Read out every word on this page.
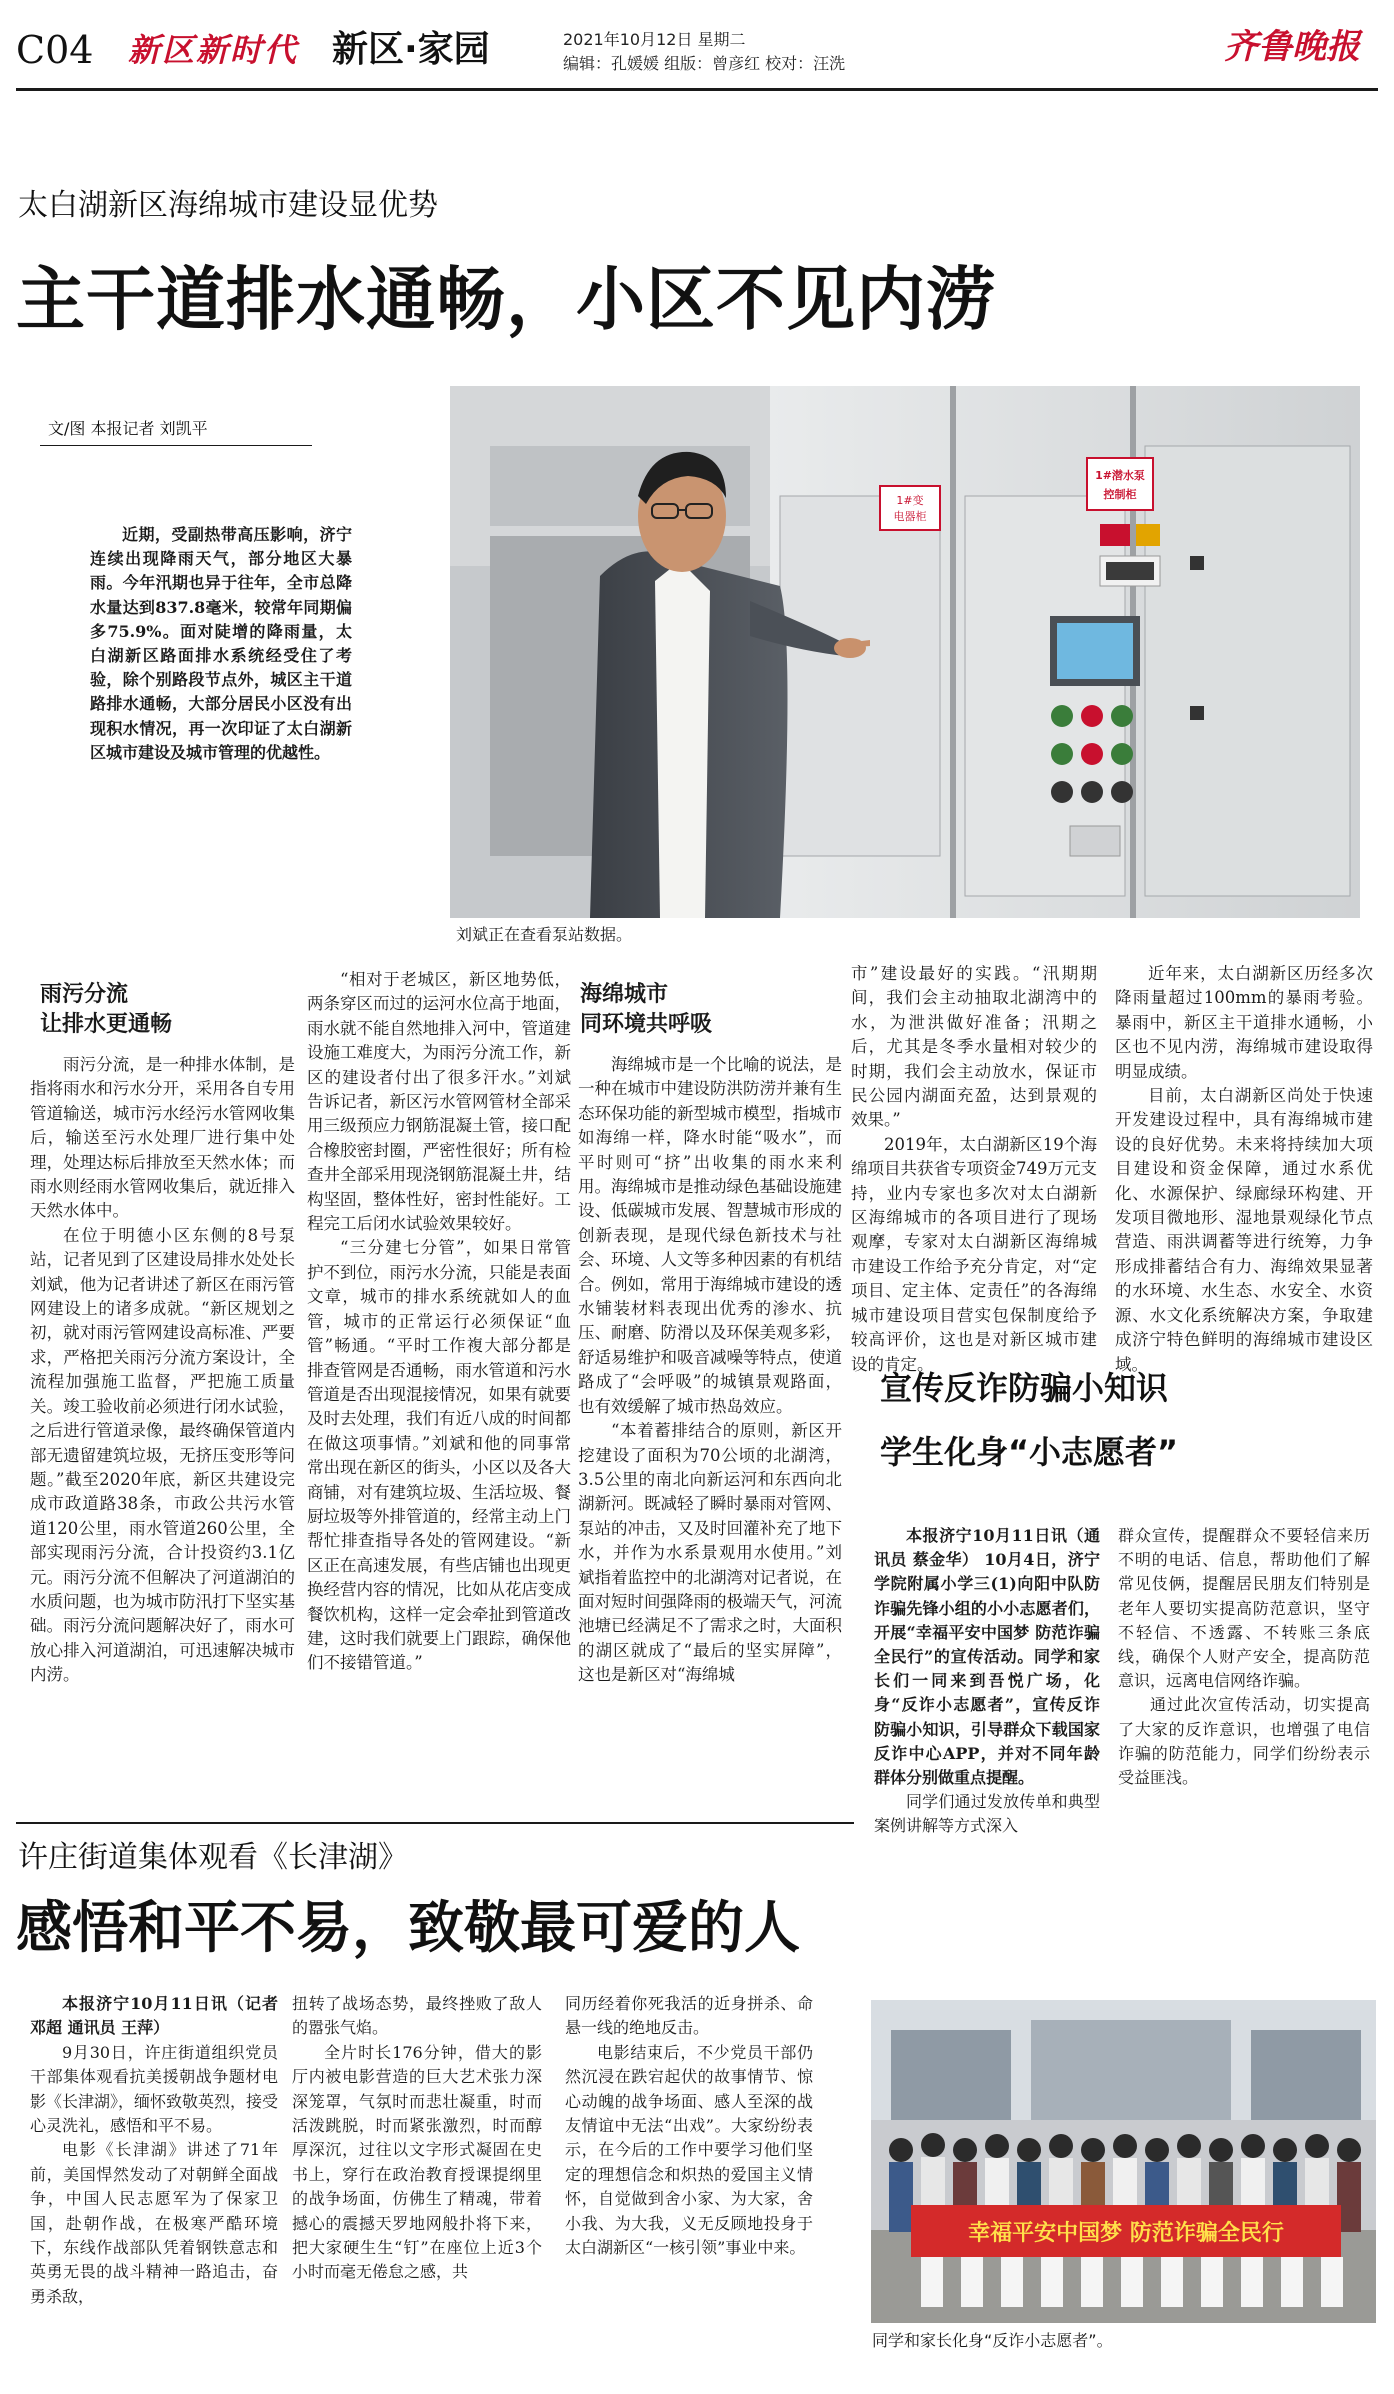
C04 新区新时代 新区·家园	2021年10月12日 星期二
编辑：孔媛媛 组版：曾彦红 校对：汪洗	齐鲁晚报
太白湖新区海绵城市建设显优势
主干道排水通畅，小区不见内涝
文/图 本报记者 刘凯平

近期，受副热带高压影响，济宁连续出现降雨天气，部分地区大暴雨。今年汛期也异于往年，全市总降水量达到837.8毫米，较常年同期偏多75.9%。面对陡增的降雨量，太白湖新区路面排水系统经受住了考验，除个别路段节点外，城区主干道路排水通畅，大部分居民小区没有出现积水情况，再一次印证了太白湖新区城市建设及城市管理的优越性。

1#变
电器柜
1#潜水泵
控制柜
刘斌正在查看泵站数据。
雨污分流
让排水更通畅

雨污分流，是一种排水体制，是指将雨水和污水分开，采用各自专用管道输送，城市污水经污水管网收集后，输送至污水处理厂进行集中处理，处理达标后排放至天然水体；而雨水则经雨水管网收集后，就近排入天然水体中。

在位于明德小区东侧的8号泵站，记者见到了区建设局排水处处长刘斌，他为记者讲述了新区在雨污管网建设上的诸多成就。“新区规划之初，就对雨污管网建设高标准、严要求，严格把关雨污分流方案设计，全流程加强施工监督，严把施工质量关。竣工验收前必须进行闭水试验，之后进行管道录像，最终确保管道内部无遗留建筑垃圾，无挤压变形等问题。”截至2020年底，新区共建设完成市政道路38条，市政公共污水管道120公里，雨水管道260公里，全部实现雨污分流，合计投资约3.1亿元。雨污分流不但解决了河道湖泊的水质问题，也为城市防汛打下坚实基础。雨污分流问题解决好了，雨水可放心排入河道湖泊，可迅速解决城市内涝。

“相对于老城区，新区地势低，两条穿区而过的运河水位高于地面，雨水就不能自然地排入河中，管道建设施工难度大，为雨污分流工作，新区的建设者付出了很多汗水。”刘斌告诉记者，新区污水管网管材全部采用三级预应力钢筋混凝土管，接口配合橡胶密封圈，严密性很好；所有检查井全部采用现浇钢筋混凝土井，结构坚固，整体性好，密封性能好。工程完工后闭水试验效果较好。

“三分建七分管”，如果日常管护不到位，雨污水分流，只能是表面文章，城市的排水系统就如人的血管，城市的正常运行必须保证“血管”畅通。“平时工作複大部分都是排查管网是否通畅，雨水管道和污水管道是否出现混接情况，如果有就要及时去处理，我们有近八成的时间都在做这项事情。”刘斌和他的同事常常出现在新区的街头，小区以及各大商铺，对有建筑垃圾、生活垃圾、餐厨垃圾等外排管道的，经常主动上门帮忙排查指导各处的管网建设。“新区正在高速发展，有些店铺也出现更换经营内容的情况，比如从花店变成餐饮机构，这样一定会牵扯到管道改建，这时我们就要上门跟踪，确保他们不接错管道。”

海绵城市
同环境共呼吸

海绵城市是一个比喻的说法，是一种在城市中建设防洪防涝并兼有生态环保功能的新型城市模型，指城市如海绵一样，降水时能“吸水”，而平时则可“挤”出收集的雨水来利用。海绵城市是推动绿色基础设施建设、低碳城市发展、智慧城市形成的创新表现，是现代绿色新技术与社会、环境、人文等多种因素的有机结合。例如，常用于海绵城市建设的透水铺装材料表现出优秀的渗水、抗压、耐磨、防滑以及环保美观多彩，舒适易维护和吸音减噪等特点，使道路成了“会呼吸”的城镇景观路面，也有效缓解了城市热岛效应。

“本着蓄排结合的原则，新区开挖建设了面积为70公顷的北湖湾，3.5公里的南北向新运河和东西向北湖新河。既减轻了瞬时暴雨对管网、泵站的冲击，又及时回灌补充了地下水，并作为水系景观用水使用。”刘斌指着监控中的北湖湾对记者说，在面对短时间强降雨的极端天气，河流池塘已经满足不了需求之时，大面积的湖区就成了“最后的坚实屏障”，这也是新区对“海绵城

市”建设最好的实践。“汛期期间，我们会主动抽取北湖湾中的水，为泄洪做好准备；汛期之后，尤其是冬季水量相对较少的时期，我们会主动放水，保证市民公园内湖面充盈，达到景观的效果。”

2019年，太白湖新区19个海绵项目共获省专项资金749万元支持，业内专家也多次对太白湖新区海绵城市的各项目进行了现场观摩，专家对太白湖新区海绵城市建设工作给予充分肯定，对“定项目、定主体、定责任”的各海绵城市建设项目营实包保制度给予较高评价，这也是对新区城市建设的肯定。

近年来，太白湖新区历经多次降雨量超过100mm的暴雨考验。暴雨中，新区主干道排水通畅，小区也不见内涝，海绵城市建设取得明显成绩。

目前，太白湖新区尚处于快速开发建设过程中，具有海绵城市建设的良好优势。未来将持续加大项目建设和资金保障，通过水系优化、水源保护、绿廊绿环构建、开发项目微地形、湿地景观绿化节点营造、雨洪调蓄等进行统筹，力争形成排蓄结合有力、海绵效果显著的水环境、水生态、水安全、水资源、水文化系统解决方案，争取建成济宁特色鲜明的海绵城市建设区域。

宣传反诈防骗小知识
学生化身“小志愿者”

本报济宁10月11日讯（通讯员 蔡金华） 10月4日，济宁学院附属小学三(1)向阳中队防诈骗先锋小组的小小志愿者们，开展“幸福平安中国梦 防范诈骗全民行”的宣传活动。同学和家长们一同来到吾悦广场，化身“反诈小志愿者”，宣传反诈防骗小知识，引导群众下载国家反诈中心APP，并对不同年龄群体分别做重点提醒。

同学们通过发放传单和典型案例讲解等方式深入

群众宣传，提醒群众不要轻信来历不明的电话、信息，帮助他们了解常见伎俩，提醒居民朋友们特别是老年人要切实提高防范意识，坚守不轻信、不透露、不转账三条底线，确保个人财产安全，提高防范意识，远离电信网络诈骗。

通过此次宣传活动，切实提高了大家的反诈意识，也增强了电信诈骗的防范能力，同学们纷纷表示受益匪浅。

幸福平安中国梦 防范诈骗全民行
同学和家长化身“反诈小志愿者”。
许庄街道集体观看《长津湖》
感悟和平不易，致敬最可爱的人

本报济宁10月11日讯（记者 邓超 通讯员 王萍）

9月30日，许庄街道组织党员干部集体观看抗美援朝战争题材电影《长津湖》，缅怀致敬英烈，接受心灵洗礼，感悟和平不易。

电影《长津湖》讲述了71年前，美国悍然发动了对朝鲜全面战争，中国人民志愿军为了保家卫国，赴朝作战，在极寒严酷环境下，东线作战部队凭着钢铁意志和英勇无畏的战斗精神一路追击，奋勇杀敌，

扭转了战场态势，最终挫败了敌人的嚣张气焰。

全片时长176分钟，借大的影厅内被电影营造的巨大艺术张力深深笼罩，气氛时而悲壮凝重，时而活泼跳脱，时而紧张激烈，时而醇厚深沉，过往以文字形式凝固在史书上，穿行在政治教育授课提纲里的战争场面，仿佛生了精魂，带着撼心的震撼天罗地网般扑将下来，把大家硬生生“钉”在座位上近3个小时而毫无倦怠之感，共

同历经着你死我活的近身拼杀、命悬一线的绝地反击。

电影结束后，不少党员干部仍然沉浸在跌宕起伏的故事情节、惊心动魄的战争场面、感人至深的战友情谊中无法“出戏”。大家纷纷表示，在今后的工作中要学习他们坚定的理想信念和炽热的爱国主义情怀，自觉做到舍小家、为大家，舍小我、为大我，义无反顾地投身于太白湖新区“一核引领”事业中来。
